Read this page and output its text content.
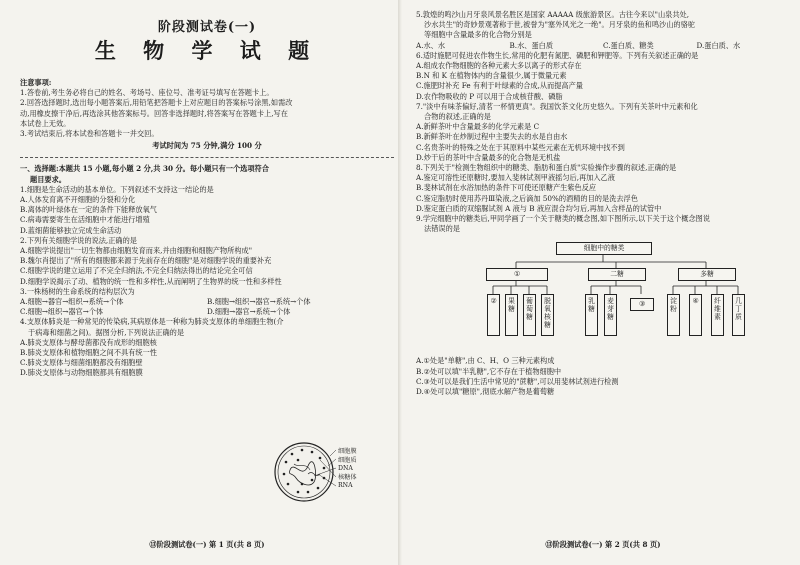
阶段测试卷(一)
生 物 学 试 题
注意事项:
1.答卷前,考生务必将自己的姓名、考场号、座位号、准考证号填写在答题卡上。
2.回答选择题时,选出每小题答案后,用铅笔把答题卡上对应题目的答案标号涂黑,如需改
动,用橡皮擦干净后,再选涂其他答案标号。回答非选择题时,将答案写在答题卡上,写在
本试卷上无效。
3.考试结束后,将本试卷和答题卡一并交回。
考试时间为 75 分钟,满分 100 分
一、选择题:本题共 15 小题,每小题 2 分,共 30 分。每小题只有一个选项符合
题目要求。
1.细胞是生命活动的基本单位。下列叙述不支持这一结论的是
A.人体发育离不开细胞的分裂和分化
B.离体的叶绿体在一定的条件下能释放氧气
C.病毒需要寄生在活细胞中才能进行增殖
D.蓝细菌能够独立完成生命活动
2.下列有关细胞学说的说法,正确的是
A.细胞学说提出"一切生物都由细胞发育而来,并由细胞和细胞产物所构成"
B.魏尔肖提出了"所有的细胞都来源于先前存在的细胞"是对细胞学说的重要补充
C.细胞学说的建立运用了不完全归纳法,不完全归纳法得出的结论完全可信
D.细胞学说揭示了动、植物的统一性和多样性,从而阐明了生物界的统一性和多样性
3.一株杨树的生命系统的结构层次为
A.细胞→器官→组织→系统→个体	B.细胞→组织→器官→系统→个体
C.细胞→组织→器官→个体	D.细胞→器官→系统→个体
4.支原体肺炎是一种常见的传染病,其病原体是一种称为肺炎支原体的单细胞生物(介
于病毒和细菌之间)。据图分析,下列说法正确的是
A.肺炎支原体与酵母菌都没有成形的细胞核
B.肺炎支原体和植物细胞之间不具有统一性
C.肺炎支原体与细菌细胞都没有细胞壁
D.肺炎支原体与动物细胞都具有细胞膜
细胞膜
细胞质
DNA
核糖体
RNA
⑬阶段测试卷(一) 第 1 页(共 8 页)
5.敦煌的鸣沙山月牙泉风景名胜区是国家 AAAAA 级旅游景区。古往今来以"山泉共处,
沙水共生"的奇妙景观著称于世,被誉为"塞外风光之一绝"。月牙泉的鱼和鸣沙山的骆驼
等细胞中含量最多的化合物分别是
A.水、水	B.水、蛋白质	C.蛋白质、糖类	D.蛋白质、水
6.适时施肥可促进农作物生长,常用的化肥有氮肥、磷肥和钾肥等。下列有关叙述正确的是
A.组成农作物细胞的各种元素大多以离子的形式存在
B.N 和 K 在植物体内的含量很少,属于微量元素
C.施肥时补充 Fe 有利于叶绿素的合成,从而提高产量
D.农作物吸收的 P 可以用于合成核苷酸、磷脂
7."淡中有味茶偏好,清茗一杯情更真"。我国饮茶文化历史悠久。下列有关茶叶中元素和化
合物的叙述,正确的是
A.新鲜茶叶中含量最多的化学元素是 C
B.新鲜茶叶在炒制过程中主要失去的水是自由水
C.名贵茶叶的特殊之处在于其原料中某些元素在无机环境中找不到
D.炒干后的茶叶中含量最多的化合物是无机盐
8.下列关于"检测生物组织中的糖类、脂肪和蛋白质"实验操作步骤的叙述,正确的是
A.鉴定可溶性还原糖时,要加入斐林试剂甲液摇匀后,再加入乙液
B.斐林试剂在水浴加热的条件下可使还原糖产生紫色反应
C.鉴定脂肪时使用苏丹Ⅲ染液,之后滴加 50%的酒精的目的是洗去浮色
D.鉴定蛋白质的双缩脲试剂 A 液与 B 液应混合均匀后,再加入含样品的试管中
9.学完细胞中的糖类后,甲同学画了一个关于糖类的概念图,如下图所示,以下关于这个概念图说
法错误的是
细胞中的糖类
①	二糖	多糖
②	果糖
葡萄糖
脱氧核糖
乳糖
麦芽糖
③	淀粉
④	纤维素
几丁质
A.①处是"单糖",由 C、H、O 三种元素构成
B.②处可以填"半乳糖",它不存在于植物细胞中
C.③处可以是我们生活中常见的"蔗糖",可以用斐林试剂进行检测
D.④处可以填"糖原",彻底水解产物是葡萄糖
⑬阶段测试卷(一) 第 2 页(共 8 页)
